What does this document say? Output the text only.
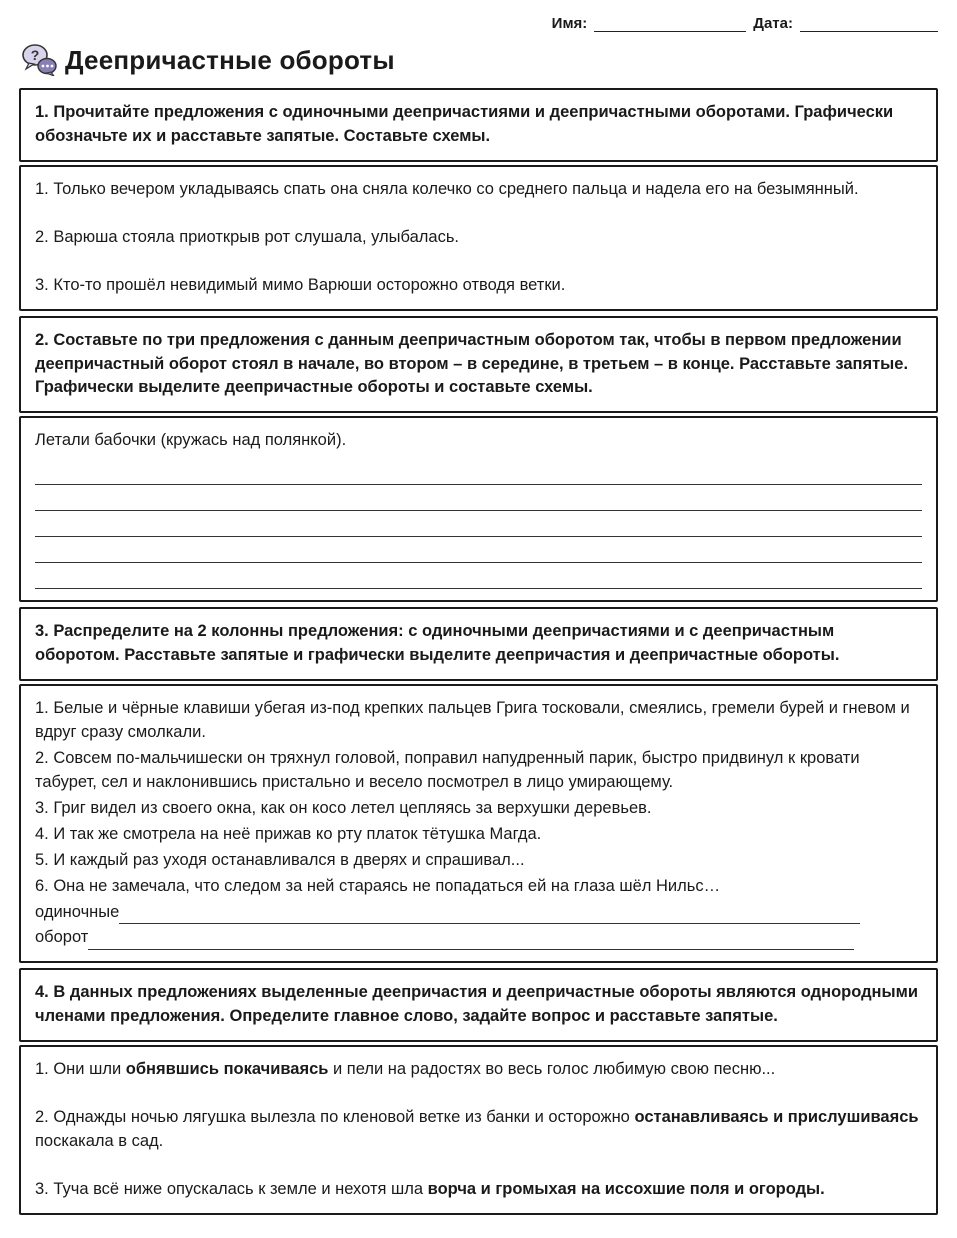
Имя:	Дата:
? Деепричастные обороты
1. Прочитайте предложения с одиночными деепричастиями и деепричастными оборотами. Графически обозначьте их и расставьте запятые. Составьте схемы.

1. Только вечером укладываясь спать она сняла колечко со среднего пальца и надела его на безымянный.

2. Варюша стояла приоткрыв рот слушала, улыбалась.

3. Кто-то прошёл невидимый мимо Варюши осторожно отводя ветки.

2. Составьте по три предложения с данным деепричастным оборотом так, чтобы в первом предложении деепричастный оборот стоял в начале, во втором – в середине, в третьем – в конце. Расставьте запятые. Графически выделите деепричастные обороты и составьте схемы.

Летали бабочки (кружась над полянкой).

3. Распределите на 2 колонны предложения: с одиночными деепричастиями и с деепричастным оборотом. Расставьте запятые и графически выделите деепричастия и деепричастные обороты.

1. Белые и чёрные клавиши убегая из-под крепких пальцев Грига тосковали, смеялись, гремели бурей и гневом и вдруг сразу смолкали.

2. Совсем по-мальчишески он тряхнул головой, поправил напудренный парик, быстро придвинул к кровати табурет, сел и наклонившись пристально и весело посмотрел в лицо умирающему.

3. Григ видел из своего окна, как он косо летел цепляясь за верхушки деревьев.

4. И так же смотрела на неё прижав ко рту платок тётушка Магда.

5. И каждый раз уходя останавливался в дверях и спрашивал...

6. Она не замечала, что следом за ней стараясь не попадаться ей на глаза шёл Нильс…

одиночные
оборот
4. В данных предложениях выделенные деепричастия и деепричастные обороты являются однородными членами предложения. Определите главное слово, задайте вопрос и расставьте запятые.

1. Они шли обнявшись покачиваясь и пели на радостях во весь голос любимую свою песню...

2. Однажды ночью лягушка вылезла по кленовой ветке из банки и осторожно останавливаясь и прислушиваясь поскакала в сад.

3. Туча всё ниже опускалась к земле и нехотя шла ворча и громыхая на иссохшие поля и огороды.
